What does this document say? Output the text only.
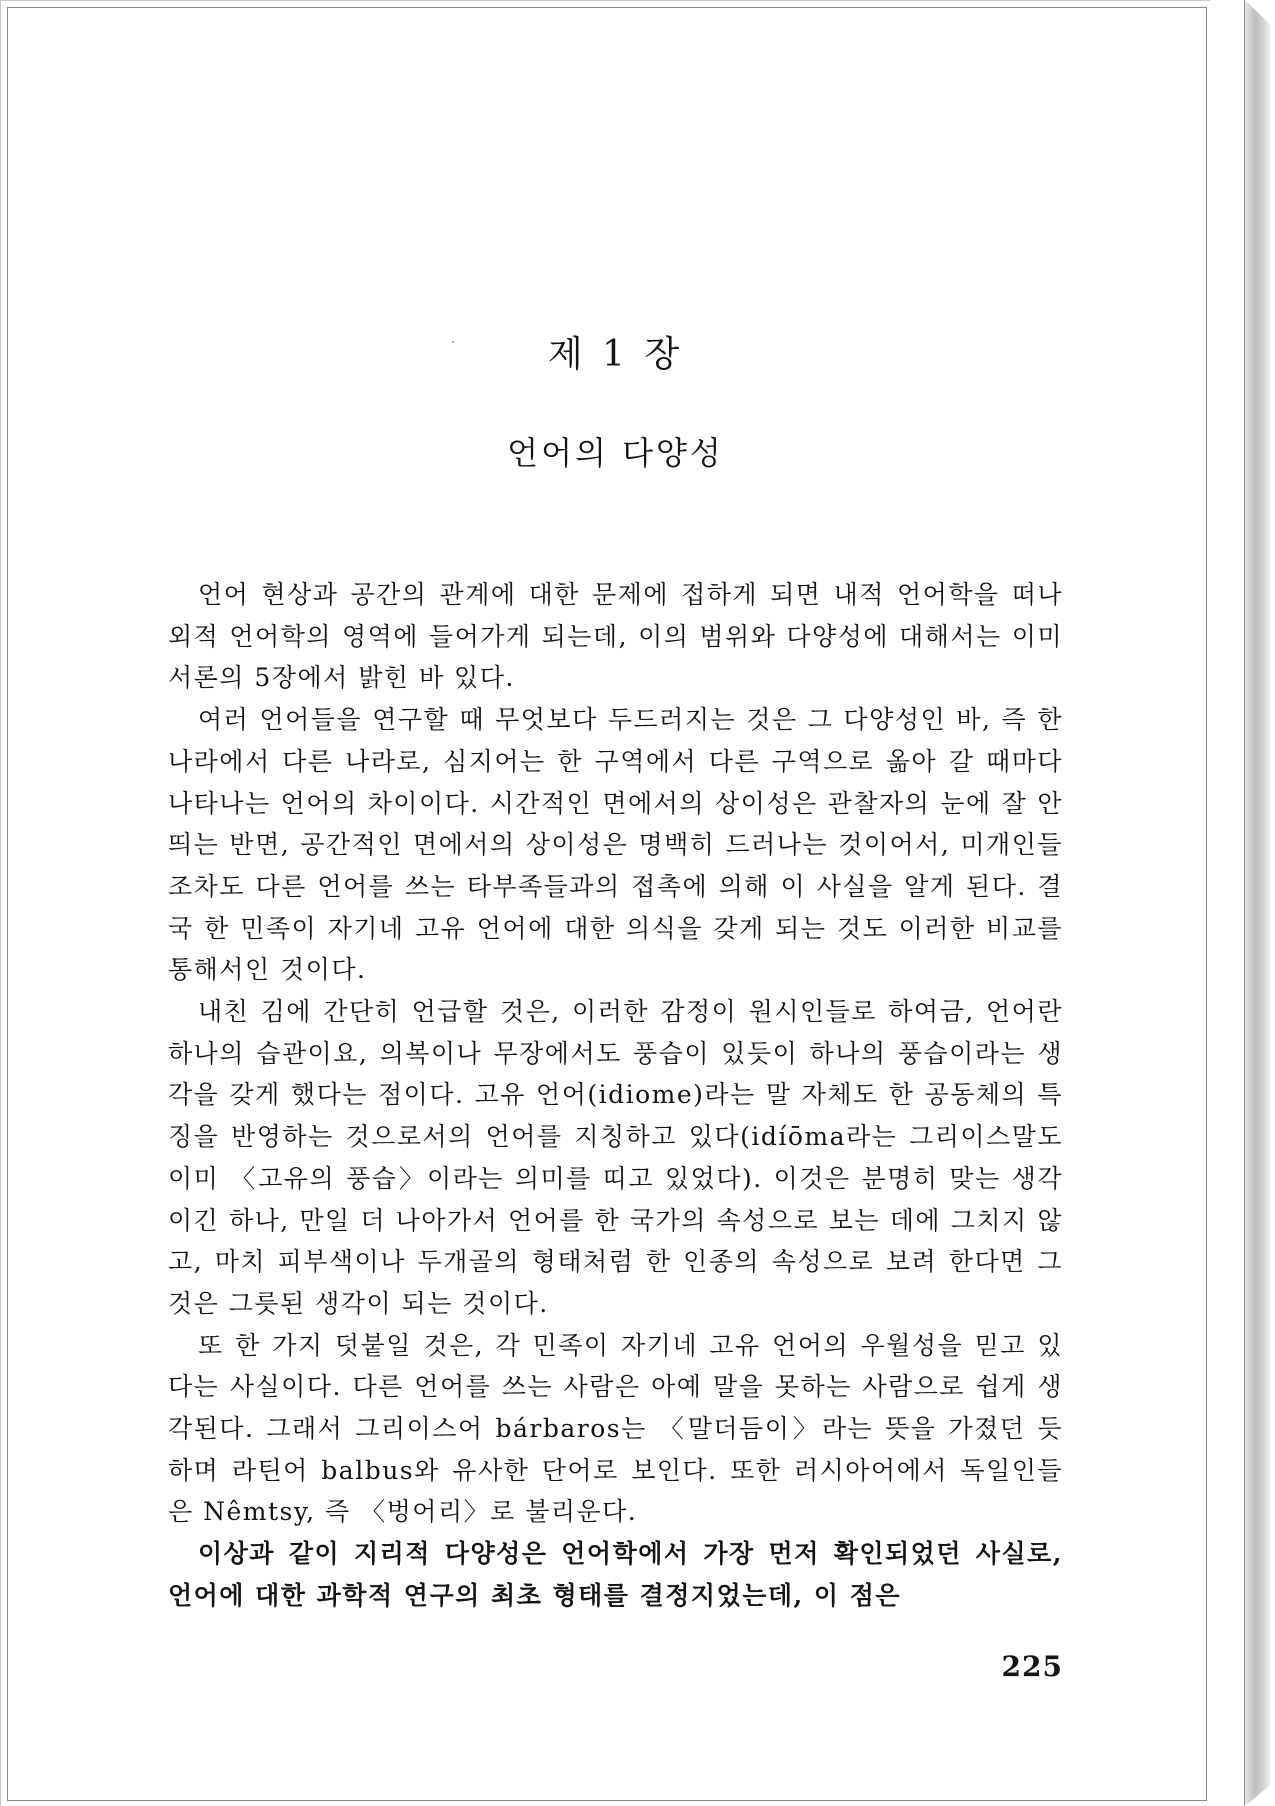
제 1 장
언어의 다양성

언어 현상과 공간의 관계에 대한 문제에 접하게 되면 내적 언어학을 떠나 외적 언어학의 영역에 들어가게 되는데, 이의 범위와 다양성에 대해서는 이미 서론의 5장에서 밝힌 바 있다.

여러 언어들을 연구할 때 무엇보다 두드러지는 것은 그 다양성인 바, 즉 한 나라에서 다른 나라로, 심지어는 한 구역에서 다른 구역으로 옮아 갈 때마다 나타나는 언어의 차이이다. 시간적인 면에서의 상이성은 관찰자의 눈에 잘 안 띄는 반면, 공간적인 면에서의 상이성은 명백히 드러나는 것이어서, 미개인들조차도 다른 언어를 쓰는 타부족들과의 접촉에 의해 이 사실을 알게 된다. 결국 한 민족이 자기네 고유 언어에 대한 의식을 갖게 되는 것도 이러한 비교를 통해서인 것이다.

내친 김에 간단히 언급할 것은, 이러한 감정이 원시인들로 하여금, 언어란 하나의 습관이요, 의복이나 무장에서도 풍습이 있듯이 하나의 풍습이라는 생각을 갖게 했다는 점이다. 고유 언어(idiome)라는 말 자체도 한 공동체의 특징을 반영하는 것으로서의 언어를 지칭하고 있다(idíōma라는 그리이스말도 이미 〈고유의 풍습〉이라는 의미를 띠고 있었다). 이것은 분명히 맞는 생각이긴 하나, 만일 더 나아가서 언어를 한 국가의 속성으로 보는 데에 그치지 않고, 마치 피부색이나 두개골의 형태처럼 한 인종의 속성으로 보려 한다면 그것은 그릇된 생각이 되는 것이다.

또 한 가지 덧붙일 것은, 각 민족이 자기네 고유 언어의 우월성을 믿고 있다는 사실이다. 다른 언어를 쓰는 사람은 아예 말을 못하는 사람으로 쉽게 생각된다. 그래서 그리이스어 bárbaros는 〈말더듬이〉라는 뜻을 가졌던 듯하며 라틴어 balbus와 유사한 단어로 보인다. 또한 러시아어에서 독일인들은 Nêmtsy, 즉 〈벙어리〉로 불리운다.

이상과 같이 지리적 다양성은 언어학에서 가장 먼저 확인되었던 사실로, 언어에 대한 과학적 연구의 최초 형태를 결정지었는데, 이 점은

225
